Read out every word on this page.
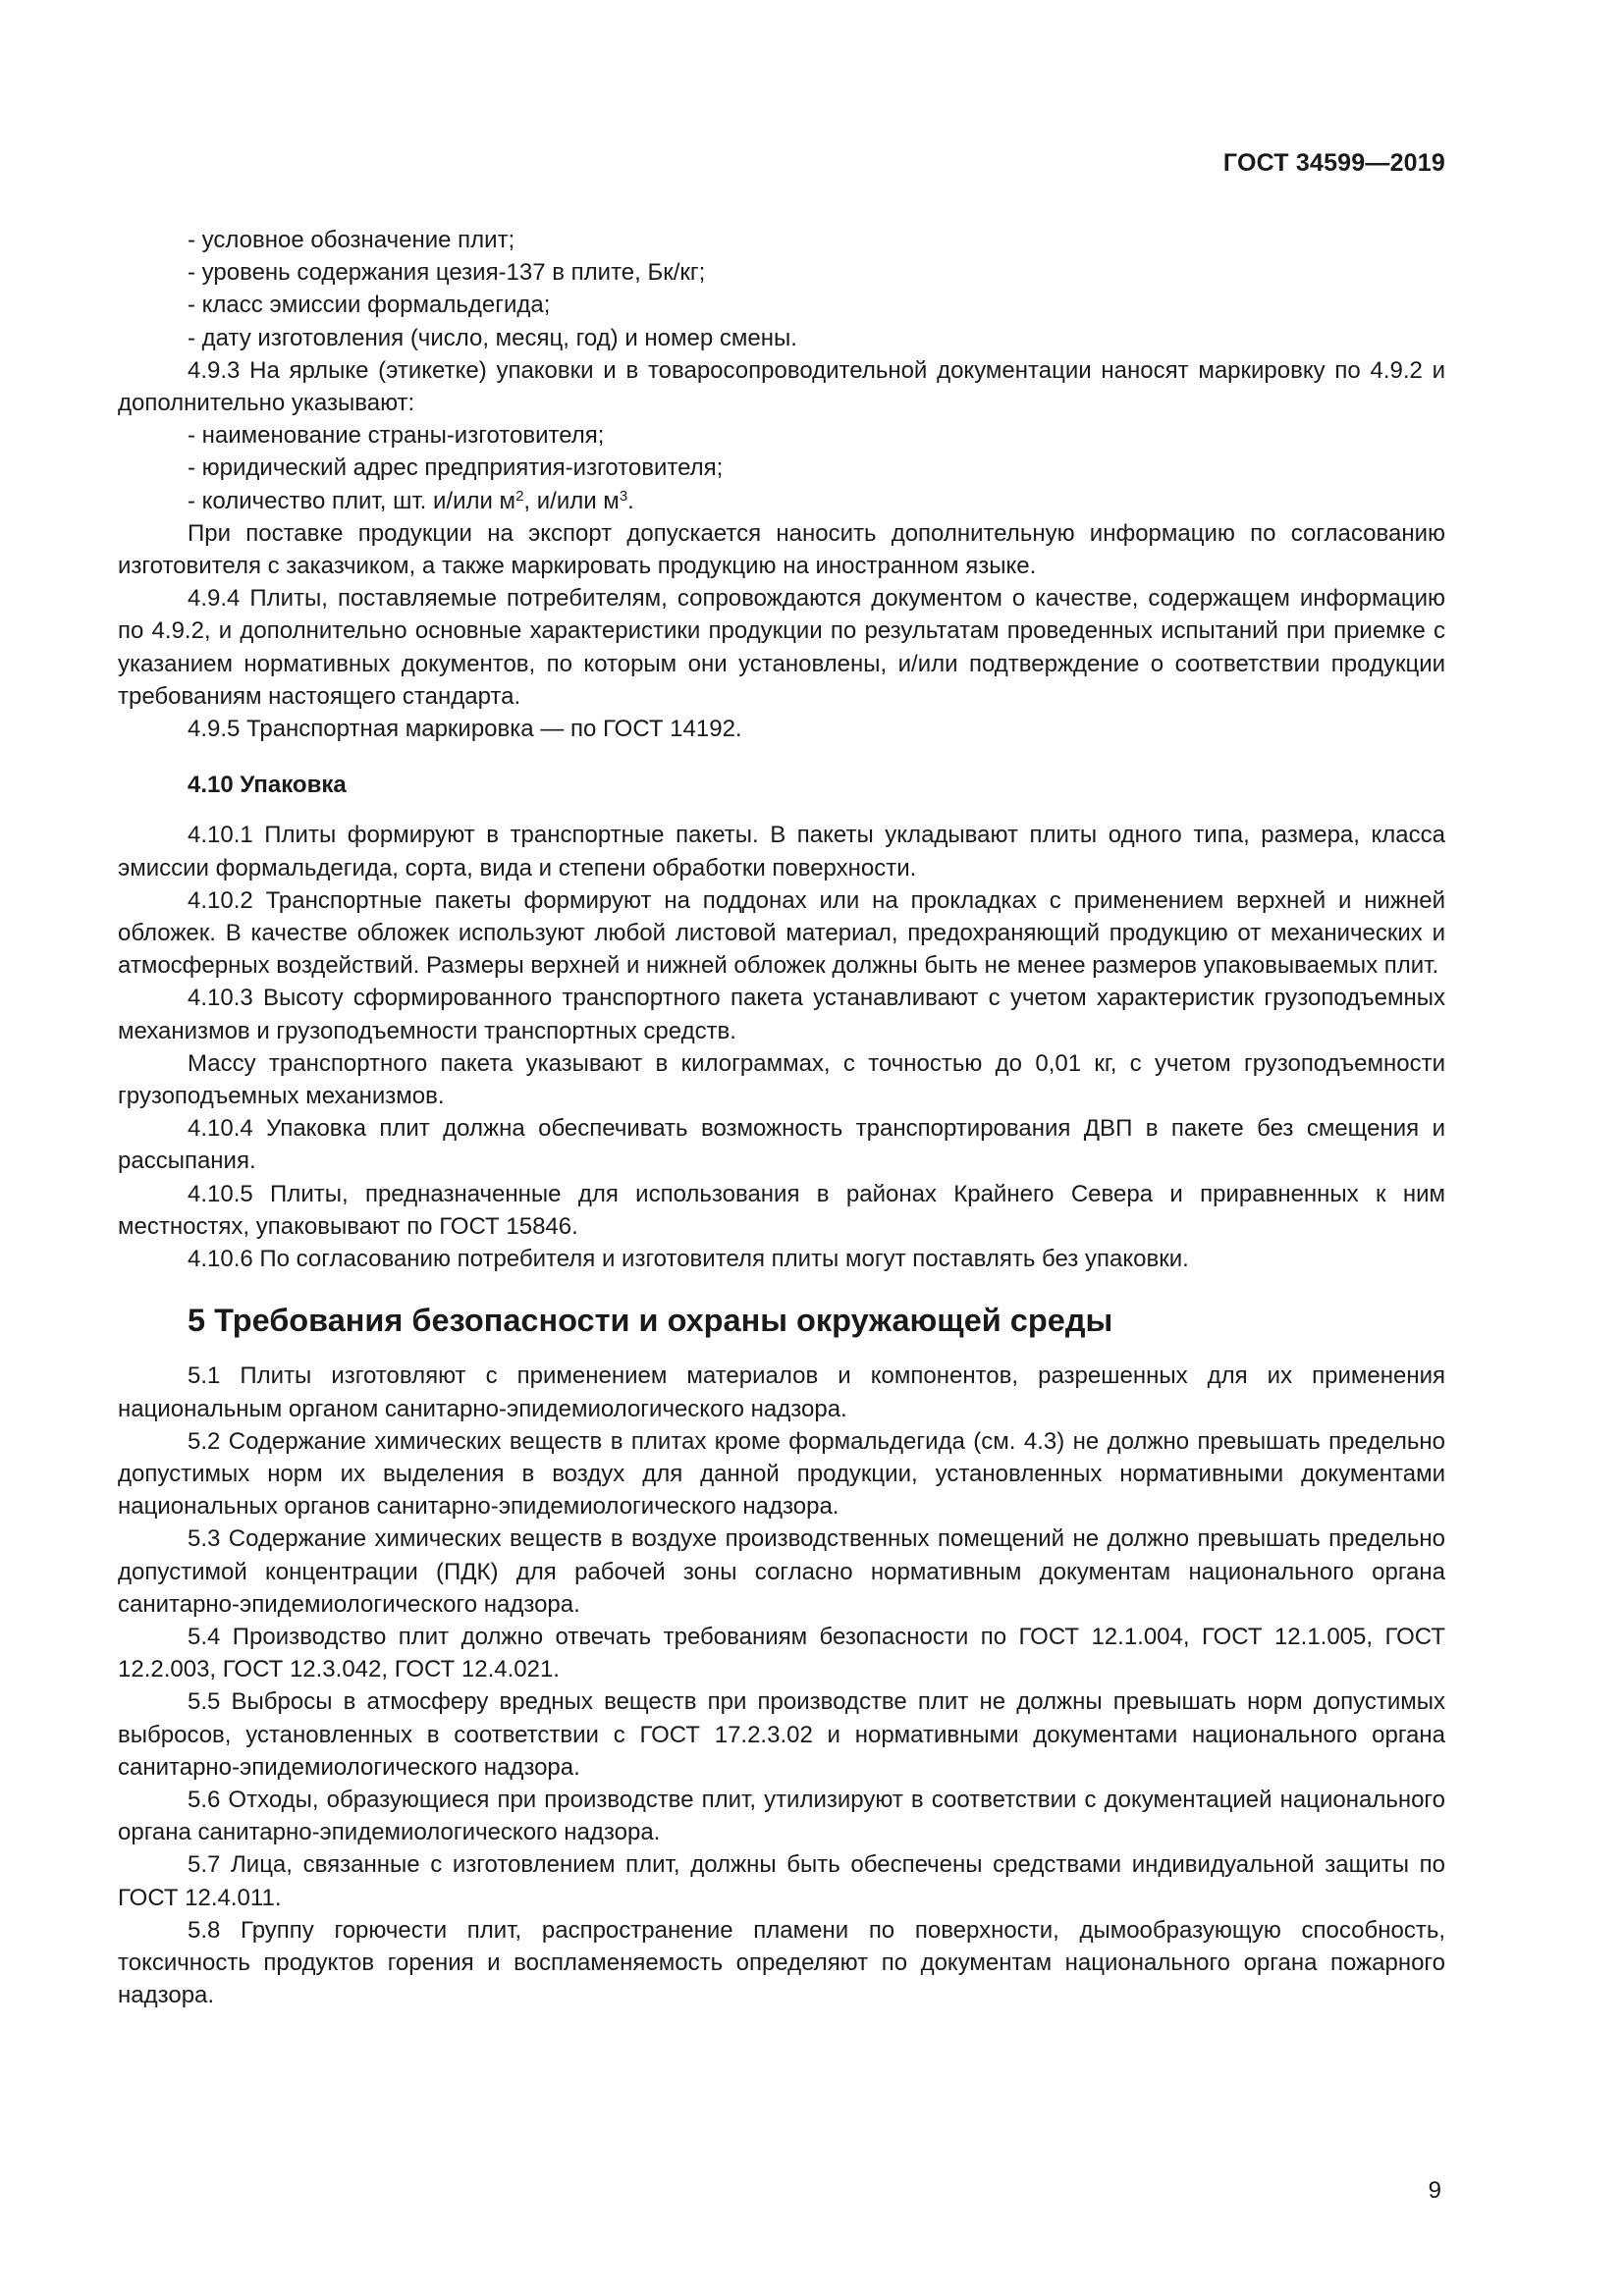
ГОСТ 34599—2019

- условное обозначение плит;

- уровень содержания цезия-137 в плите, Бк/кг;

- класс эмиссии формальдегида;

- дату изготовления (число, месяц, год) и номер смены.

4.9.3 На ярлыке (этикетке) упаковки и в товаросопроводительной документации наносят маркировку по 4.9.2 и дополнительно указывают:

- наименование страны-изготовителя;

- юридический адрес предприятия-изготовителя;

- количество плит, шт. и/или $м^2$, и/или $м^3$.

При поставке продукции на экспорт допускается наносить дополнительную информацию по согласованию изготовителя с заказчиком, а также маркировать продукцию на иностранном языке.

4.9.4 Плиты, поставляемые потребителям, сопровождаются документом о качестве, содержащем информацию по 4.9.2, и дополнительно основные характеристики продукции по результатам проведенных испытаний при приемке с указанием нормативных документов, по которым они установлены, и/или подтверждение о соответствии продукции требованиям настоящего стандарта.

4.9.5 Транспортная маркировка — по ГОСТ 14192.

4.10 Упаковка

4.10.1 Плиты формируют в транспортные пакеты. В пакеты укладывают плиты одного типа, размера, класса эмиссии формальдегида, сорта, вида и степени обработки поверхности.

4.10.2 Транспортные пакеты формируют на поддонах или на прокладках с применением верхней и нижней обложек. В качестве обложек используют любой листовой материал, предохраняющий продукцию от механических и атмосферных воздействий. Размеры верхней и нижней обложек должны быть не менее размеров упаковываемых плит.

4.10.3 Высоту сформированного транспортного пакета устанавливают с учетом характеристик грузоподъемных механизмов и грузоподъемности транспортных средств.

Массу транспортного пакета указывают в килограммах, с точностью до 0,01 кг, с учетом грузоподъемности грузоподъемных механизмов.

4.10.4 Упаковка плит должна обеспечивать возможность транспортирования ДВП в пакете без смещения и рассыпания.

4.10.5 Плиты, предназначенные для использования в районах Крайнего Севера и приравненных к ним местностях, упаковывают по ГОСТ 15846.

4.10.6 По согласованию потребителя и изготовителя плиты могут поставлять без упаковки.

5 Требования безопасности и охраны окружающей среды

5.1 Плиты изготовляют с применением материалов и компонентов, разрешенных для их применения национальным органом санитарно-эпидемиологического надзора.

5.2 Содержание химических веществ в плитах кроме формальдегида (см. 4.3) не должно превышать предельно допустимых норм их выделения в воздух для данной продукции, установленных нормативными документами национальных органов санитарно-эпидемиологического надзора.

5.3 Содержание химических веществ в воздухе производственных помещений не должно превышать предельно допустимой концентрации (ПДК) для рабочей зоны согласно нормативным документам национального органа санитарно-эпидемиологического надзора.

5.4 Производство плит должно отвечать требованиям безопасности по ГОСТ 12.1.004, ГОСТ 12.1.005, ГОСТ 12.2.003, ГОСТ 12.3.042, ГОСТ 12.4.021.

5.5 Выбросы в атмосферу вредных веществ при производстве плит не должны превышать норм допустимых выбросов, установленных в соответствии с ГОСТ 17.2.3.02 и нормативными документами национального органа санитарно-эпидемиологического надзора.

5.6 Отходы, образующиеся при производстве плит, утилизируют в соответствии с документацией национального органа санитарно-эпидемиологического надзора.

5.7 Лица, связанные с изготовлением плит, должны быть обеспечены средствами индивидуальной защиты по ГОСТ 12.4.011.

5.8 Группу горючести плит, распространение пламени по поверхности, дымообразующую способность, токсичность продуктов горения и воспламеняемость определяют по документам национального органа пожарного надзора.

9
